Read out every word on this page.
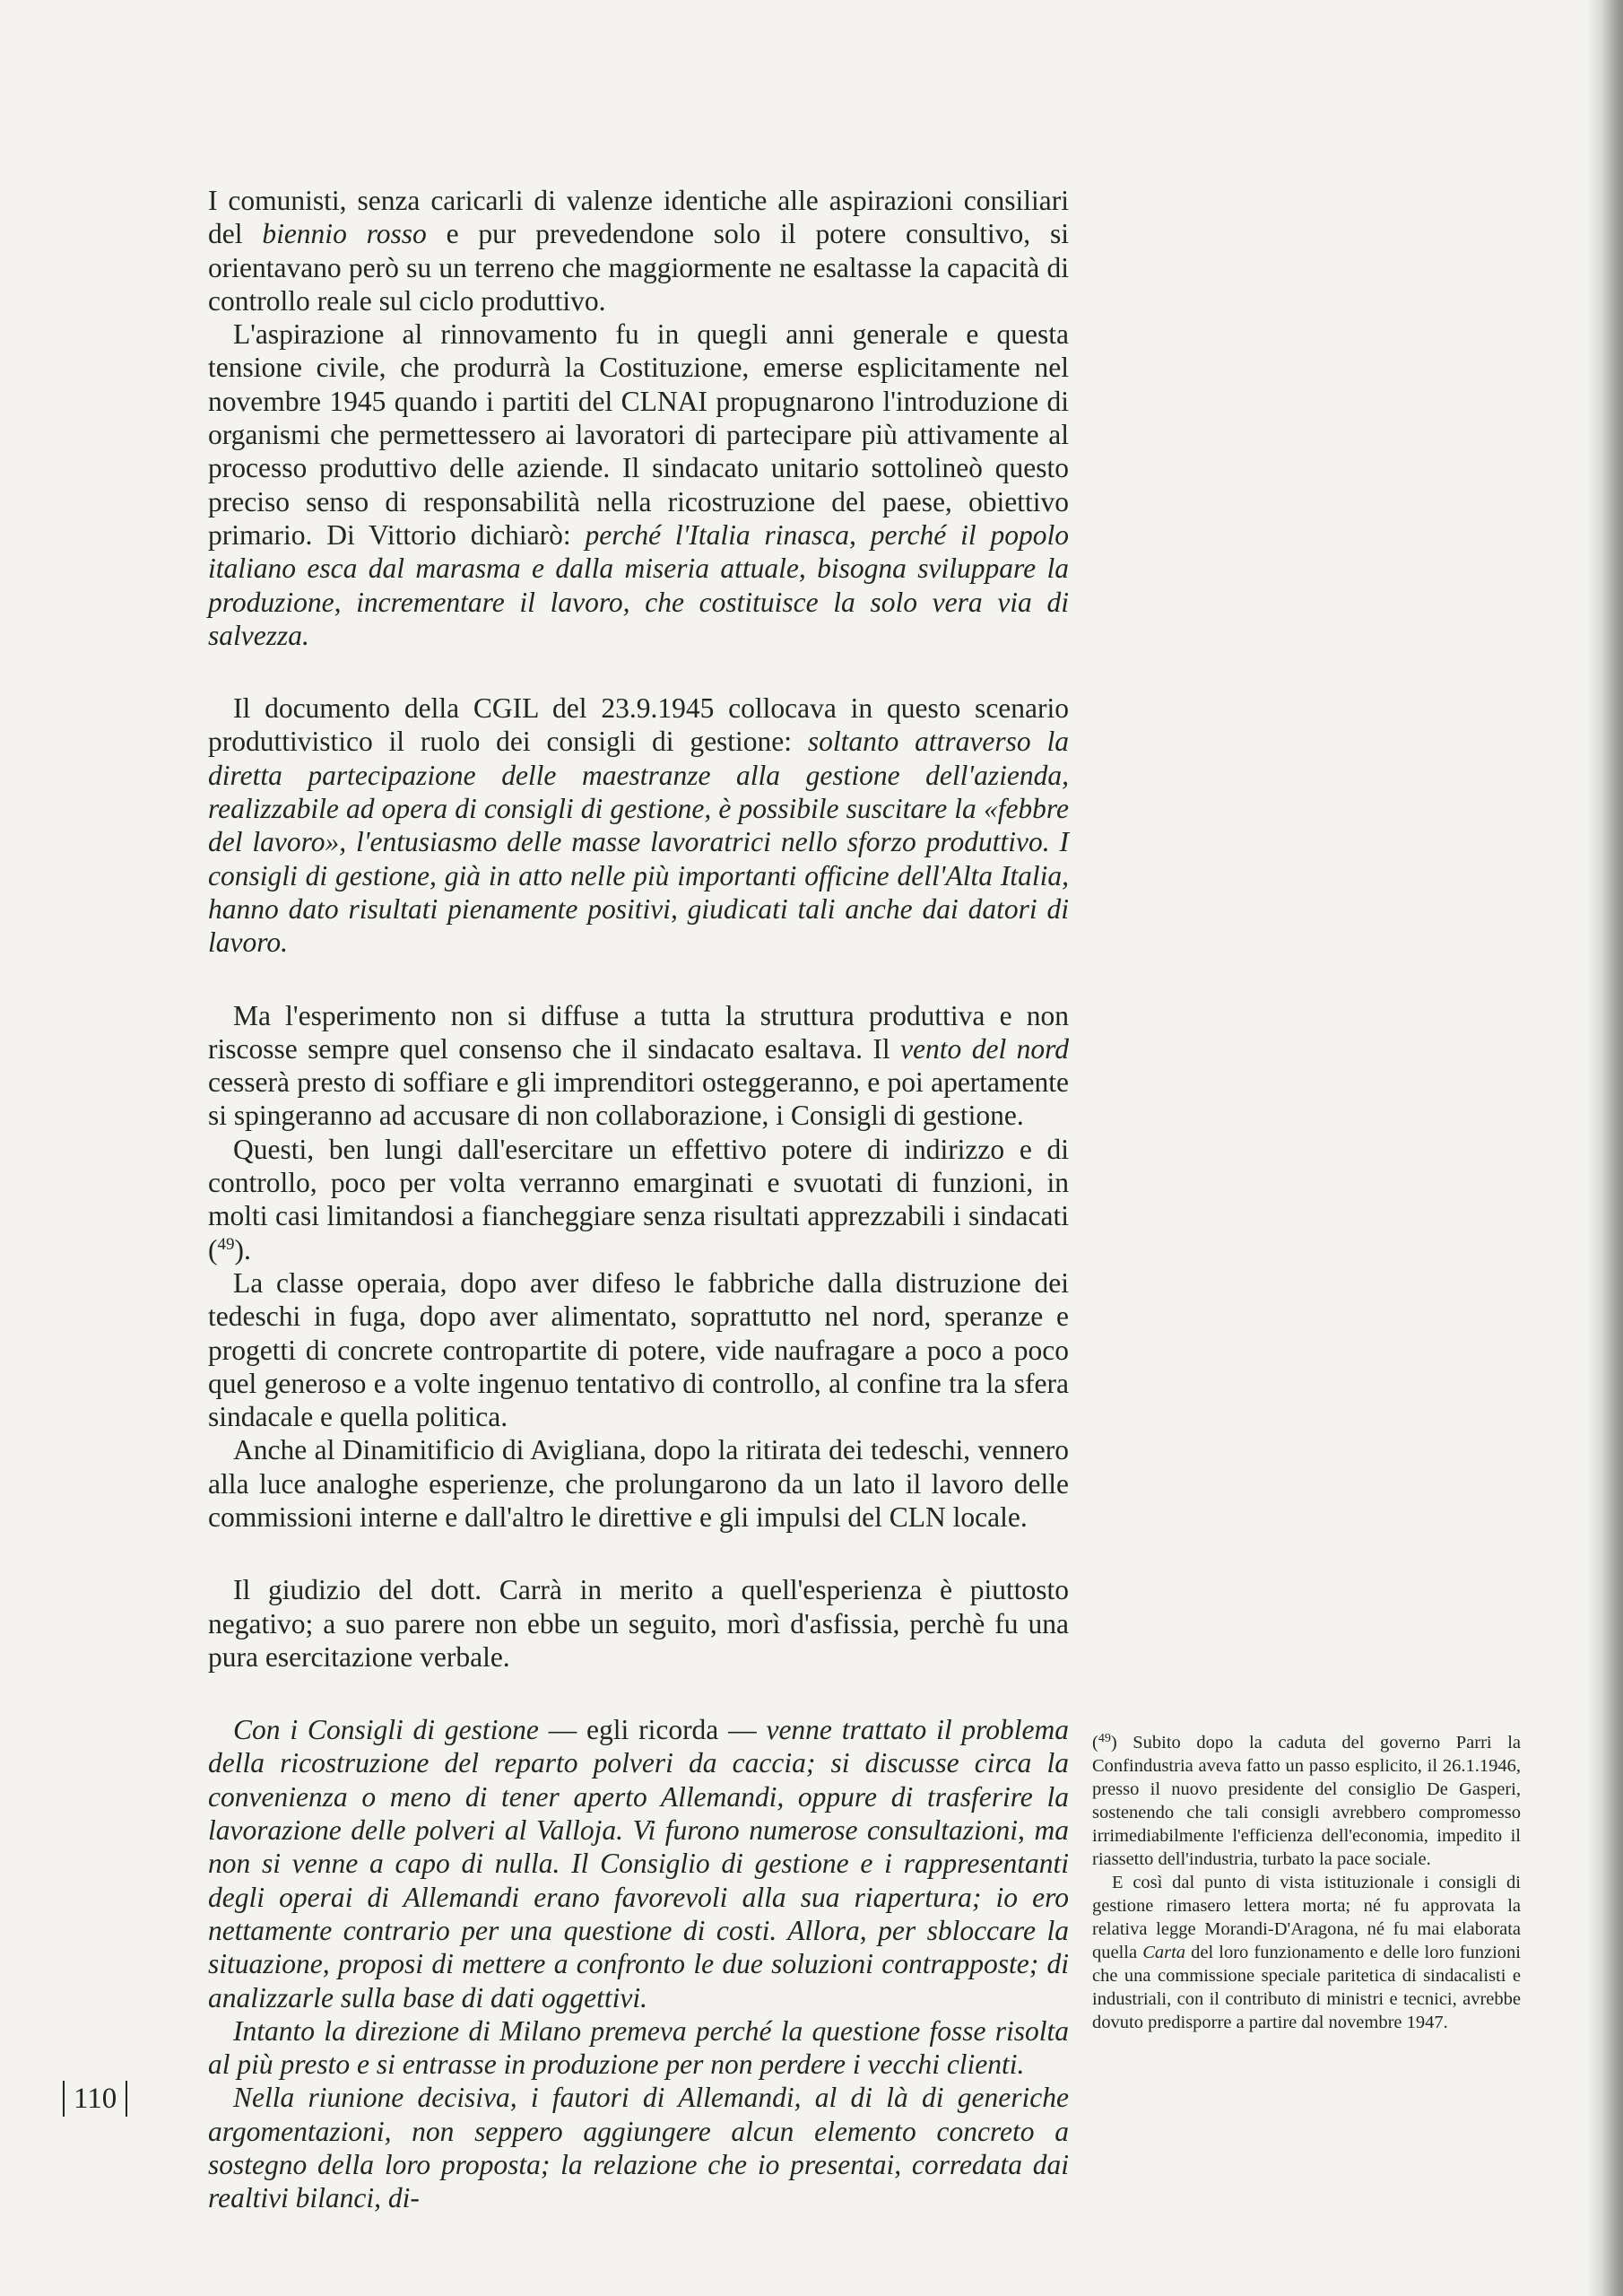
I comunisti, senza caricarli di valenze identiche alle aspirazioni consiliari del biennio rosso e pur prevedendone solo il potere consultivo, si orientavano però su un terreno che maggiormente ne esaltasse la capacità di controllo reale sul ciclo produttivo.

L'aspirazione al rinnovamento fu in quegli anni generale e questa tensione civile, che produrrà la Costituzione, emerse esplicitamente nel novembre 1945 quando i partiti del CLNAI propugnarono l'introduzione di organismi che permettessero ai lavoratori di partecipare più attivamente al processo produttivo delle aziende. Il sindacato unitario sottolineò questo preciso senso di responsabilità nella ricostruzione del paese, obiettivo primario. Di Vittorio dichiarò: perché l'Italia rinasca, perché il popolo italiano esca dal marasma e dalla miseria attuale, bisogna sviluppare la produzione, incrementare il lavoro, che costituisce la solo vera via di salvezza.

Il documento della CGIL del 23.9.1945 collocava in questo scenario produttivistico il ruolo dei consigli di gestione: soltanto attraverso la diretta partecipazione delle maestranze alla gestione dell'azienda, realizzabile ad opera di consigli di gestione, è possibile suscitare la «febbre del lavoro», l'entusiasmo delle masse lavoratrici nello sforzo produttivo. I consigli di gestione, già in atto nelle più importanti officine dell'Alta Italia, hanno dato risultati pienamente positivi, giudicati tali anche dai datori di lavoro.

Ma l'esperimento non si diffuse a tutta la struttura produttiva e non riscosse sempre quel consenso che il sindacato esaltava. Il vento del nord cesserà presto di soffiare e gli imprenditori osteggeranno, e poi apertamente si spingeranno ad accusare di non collaborazione, i Consigli di gestione.

Questi, ben lungi dall'esercitare un effettivo potere di indirizzo e di controllo, poco per volta verranno emarginati e svuotati di funzioni, in molti casi limitandosi a fiancheggiare senza risultati apprezzabili i sindacati ($^{49}$).

La classe operaia, dopo aver difeso le fabbriche dalla distruzione dei tedeschi in fuga, dopo aver alimentato, soprattutto nel nord, speranze e progetti di concrete contropartite di potere, vide naufragare a poco a poco quel generoso e a volte ingenuo tentativo di controllo, al confine tra la sfera sindacale e quella politica.

Anche al Dinamitificio di Avigliana, dopo la ritirata dei tedeschi, vennero alla luce analoghe esperienze, che prolungarono da un lato il lavoro delle commissioni interne e dall'altro le direttive e gli impulsi del CLN locale.

Il giudizio del dott. Carrà in merito a quell'esperienza è piuttosto negativo; a suo parere non ebbe un seguito, morì d'asfissia, perchè fu una pura esercitazione verbale.

Con i Consigli di gestione — egli ricorda — venne trattato il problema della ricostruzione del reparto polveri da caccia; si discusse circa la convenienza o meno di tener aperto Allemandi, oppure di trasferire la lavorazione delle polveri al Valloja. Vi furono numerose consultazioni, ma non si venne a capo di nulla. Il Consiglio di gestione e i rappresentanti degli operai di Allemandi erano favorevoli alla sua riapertura; io ero nettamente contrario per una questione di costi. Allora, per sbloccare la situazione, proposi di mettere a confronto le due soluzioni contrapposte; di analizzarle sulla base di dati oggettivi.

Intanto la direzione di Milano premeva perché la questione fosse risolta al più presto e si entrasse in produzione per non perdere i vecchi clienti.

Nella riunione decisiva, i fautori di Allemandi, al di là di generiche argomentazioni, non seppero aggiungere alcun elemento concreto a sostegno della loro proposta; la relazione che io presentai, corredata dai realtivi bilanci, di-

110

($^{49}$) Subito dopo la caduta del governo Parri la Confindustria aveva fatto un passo esplicito, il 26.1.1946, presso il nuovo presidente del consiglio De Gasperi, sostenendo che tali consigli avrebbero compromesso irrimediabilmente l'efficienza dell'economia, impedito il riassetto dell'industria, turbato la pace sociale.

E così dal punto di vista istituzionale i consigli di gestione rimasero lettera morta; né fu approvata la relativa legge Morandi-D'Aragona, né fu mai elaborata quella Carta del loro funzionamento e delle loro funzioni che una commissione speciale paritetica di sindacalisti e industriali, con il contributo di ministri e tecnici, avrebbe dovuto predisporre a partire dal novembre 1947.
